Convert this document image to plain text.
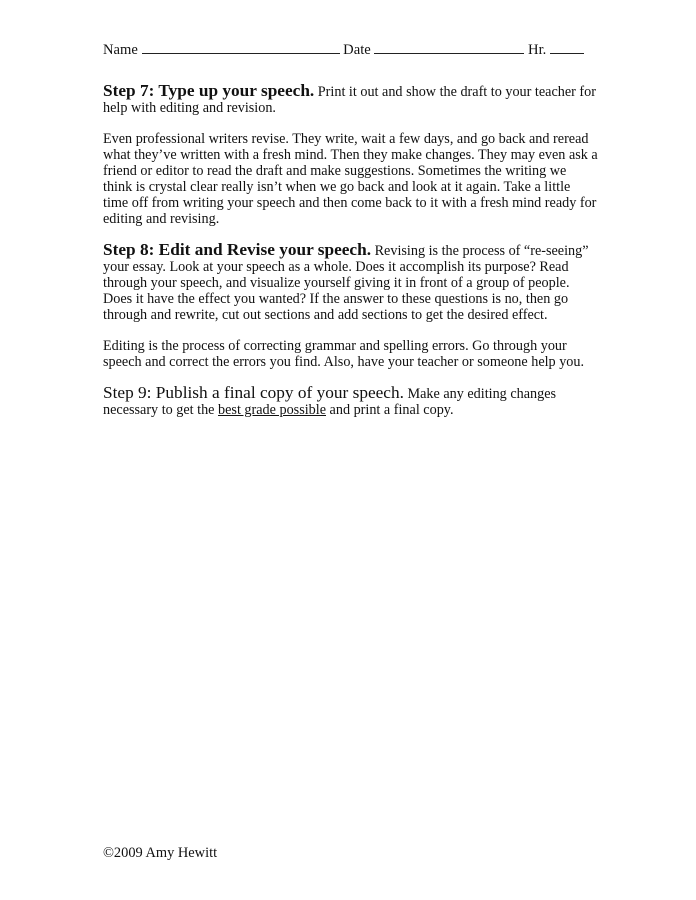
Name	Date	Hr.
Step 7: Type up your speech. Print it out and show the draft to your teacher for help with editing and revision.
Even professional writers revise. They write, wait a few days, and go back and reread what they’ve written with a fresh mind. Then they make changes. They may even ask a friend or editor to read the draft and make suggestions. Sometimes the writing we think is crystal clear really isn’t when we go back and look at it again. Take a little time off from writing your speech and then come back to it with a fresh mind ready for editing and revising.
Step 8: Edit and Revise your speech. Revising is the process of “re-seeing” your essay. Look at your speech as a whole. Does it accomplish its purpose? Read through your speech, and visualize yourself giving it in front of a group of people. Does it have the effect you wanted? If the answer to these questions is no, then go through and rewrite, cut out sections and add sections to get the desired effect.
Editing is the process of correcting grammar and spelling errors. Go through your speech and correct the errors you find. Also, have your teacher or someone help you.
Step 9: Publish a final copy of your speech. Make any editing changes necessary to get the best grade possible and print a final copy.
©2009 Amy Hewitt
